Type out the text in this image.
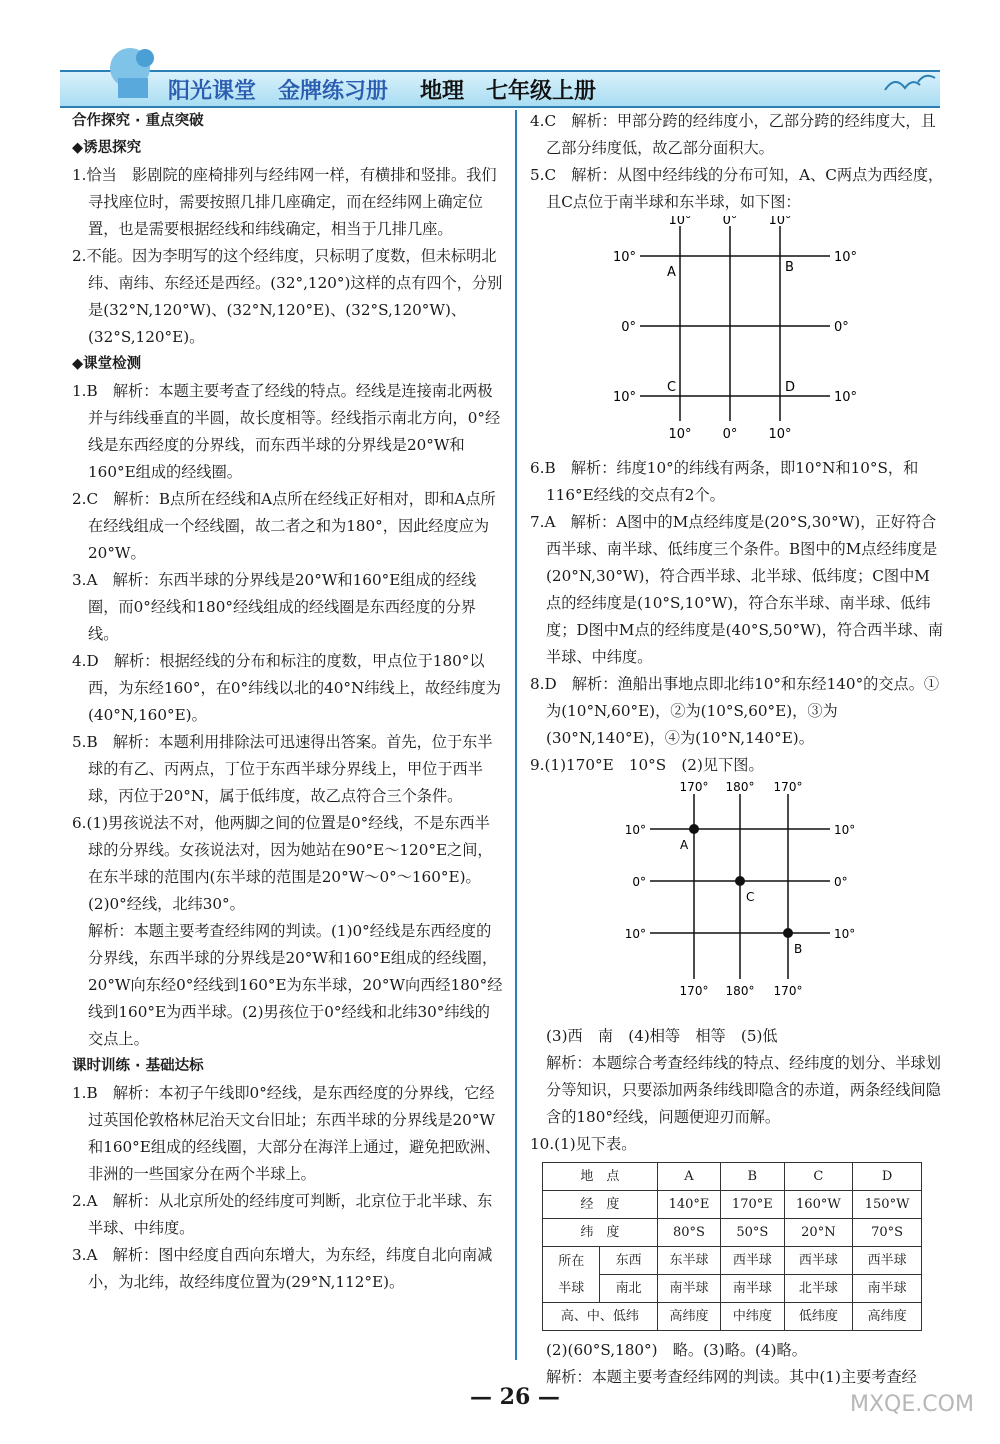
阳光课堂　金牌练习册 地理　七年级上册

合作探究 · 重点突破

◆诱思探究

1.恰当　影剧院的座椅排列与经纬网一样，有横排和竖排。我们寻找座位时，需要按照几排几座确定，而在经纬网上确定位置，也是需要根据经线和纬线确定，相当于几排几座。

2.不能。因为李明写的这个经纬度，只标明了度数，但未标明北纬、南纬、东经还是西经。(32°,120°)这样的点有四个，分别是(32°N,120°W)、(32°N,120°E)、(32°S,120°W)、(32°S,120°E)。

◆课堂检测

1.B　解析：本题主要考查了经线的特点。经线是连接南北两极并与纬线垂直的半圆，故长度相等。经线指示南北方向，0°经线是东西经度的分界线，而东西半球的分界线是20°W和160°E组成的经线圈。

2.C　解析：B点所在经线和A点所在经线正好相对，即和A点所在经线组成一个经线圈，故二者之和为180°，因此经度应为20°W。

3.A　解析：东西半球的分界线是20°W和160°E组成的经线圈，而0°经线和180°经线组成的经线圈是东西经度的分界线。

4.D　解析：根据经线的分布和标注的度数，甲点位于180°以西，为东经160°，在0°纬线以北的40°N纬线上，故经纬度为(40°N,160°E)。

5.B　解析：本题利用排除法可迅速得出答案。首先，位于东半球的有乙、丙两点，丁位于东西半球分界线上，甲位于西半球，丙位于20°N，属于低纬度，故乙点符合三个条件。

6.(1)男孩说法不对，他两脚之间的位置是0°经线，不是东西半球的分界线。女孩说法对，因为她站在90°E～120°E之间，在东半球的范围内(东半球的范围是20°W～0°～160°E)。(2)0°经线，北纬30°。

解析：本题主要考查经纬网的判读。(1)0°经线是东西经度的分界线，东西半球的分界线是20°W和160°E组成的经线圈，20°W向东经0°经线到160°E为东半球，20°W向西经180°经线到160°E为西半球。(2)男孩位于0°经线和北纬30°纬线的交点上。

课时训练 · 基础达标

1.B　解析：本初子午线即0°经线，是东西经度的分界线，它经过英国伦敦格林尼治天文台旧址；东西半球的分界线是20°W和160°E组成的经线圈，大部分在海洋上通过，避免把欧洲、非洲的一些国家分在两个半球上。

2.A　解析：从北京所处的经纬度可判断，北京位于北半球、东半球、中纬度。

3.A　解析：图中经度自西向东增大，为东经，纬度自北向南减小，为北纬，故经纬度位置为(29°N,112°E)。

4.C　解析：甲部分跨的经纬度小，乙部分跨的经纬度大，且乙部分纬度低，故乙部分面积大。

5.C　解析：从图中经纬线的分布可知，A、C两点为西经度，且C点位于南半球和东半球，如下图：

10° 0° 10°
10° 0° 10°
10°
0°
10°
10°
0°
10°
A	B
C	D

6.B　解析：纬度10°的纬线有两条，即10°N和10°S，和116°E经线的交点有2个。

7.A　解析：A图中的M点经纬度是(20°S,30°W)，正好符合西半球、南半球、低纬度三个条件。B图中的M点经纬度是(20°N,30°W)，符合西半球、北半球、低纬度；C图中M点的经纬度是(10°S,10°W)，符合东半球、南半球、低纬度；D图中M点的经纬度是(40°S,50°W)，符合西半球、南半球、中纬度。

8.D　解析：渔船出事地点即北纬10°和东经140°的交点。①为(10°N,60°E)，②为(10°S,60°E)，③为(30°N,140°E)，④为(10°N,140°E)。

9.(1)170°E　10°S　(2)见下图。

170° 180° 170°
170° 180° 170°
10°
0°
10°
10°
0°
10°
A
C
B

(3)西　南　(4)相等　相等　(5)低

解析：本题综合考查经纬线的特点、经纬度的划分、半球划分等知识，只要添加两条纬线即隐含的赤道，两条经线间隐含的180°经线，问题便迎刃而解。

10.(1)见下表。

地　点		A	B	C	D
经　度		140°E	170°E	160°W	150°W
纬　度		80°S	50°S	20°N	70°S
所在
半球	东西	东半球	西半球	西半球	西半球
	南北	南半球	南半球	北半球	南半球
高、中、低纬		高纬度	中纬度	低纬度	高纬度

(2)(60°S,180°)　略。(3)略。(4)略。

解析：本题主要考查经纬网的判读。其中(1)主要考查经

— 26 —	MXQE.COM
